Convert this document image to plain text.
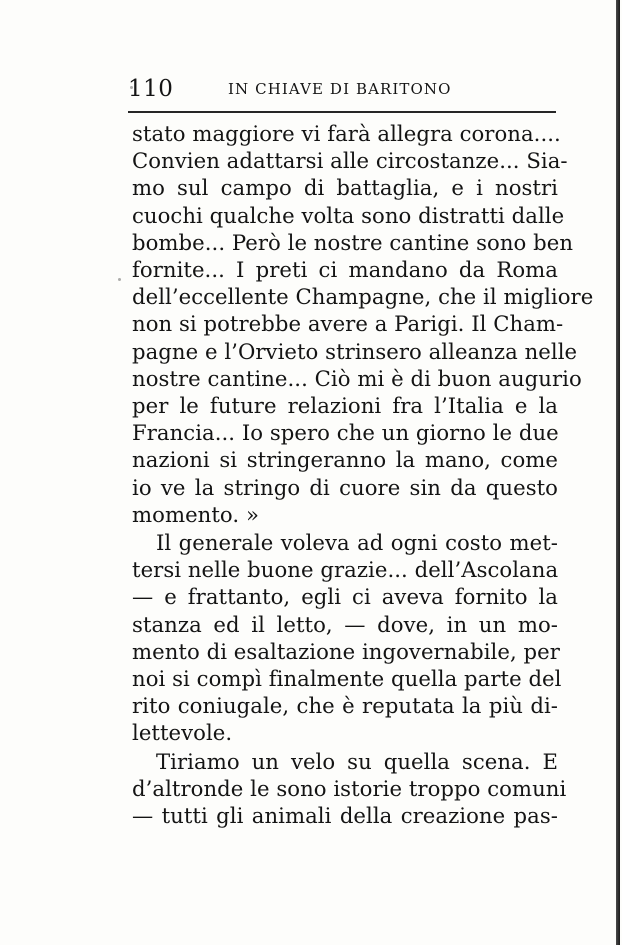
110	IN CHIAVE DI BARITONO

stato maggiore vi farà allegra corona....
Convien adattarsi alle circostanze... Sia-
mo sul campo di battaglia, e i nostri
cuochi qualche volta sono distratti dalle
bombe... Però le nostre cantine sono ben
fornite... I preti ci mandano da Roma
dell’eccellente Champagne, che il migliore
non si potrebbe avere a Parigi. Il Cham-
pagne e l’Orvieto strinsero alleanza nelle
nostre cantine... Ciò mi è di buon augurio
per le future relazioni fra l’Italia e la
Francia... Io spero che un giorno le due
nazioni si stringeranno la mano, come
io ve la stringo di cuore sin da questo
momento. »

Il generale voleva ad ogni costo met-
tersi nelle buone grazie... dell’Ascolana
— e frattanto, egli ci aveva fornito la
stanza ed il letto, — dove, in un mo-
mento di esaltazione ingovernabile, per
noi si compì finalmente quella parte del
rito coniugale, che è reputata la più di-
lettevole.

Tiriamo un velo su quella scena. E
d’altronde le sono istorie troppo comuni
— tutti gli animali della creazione pas-
